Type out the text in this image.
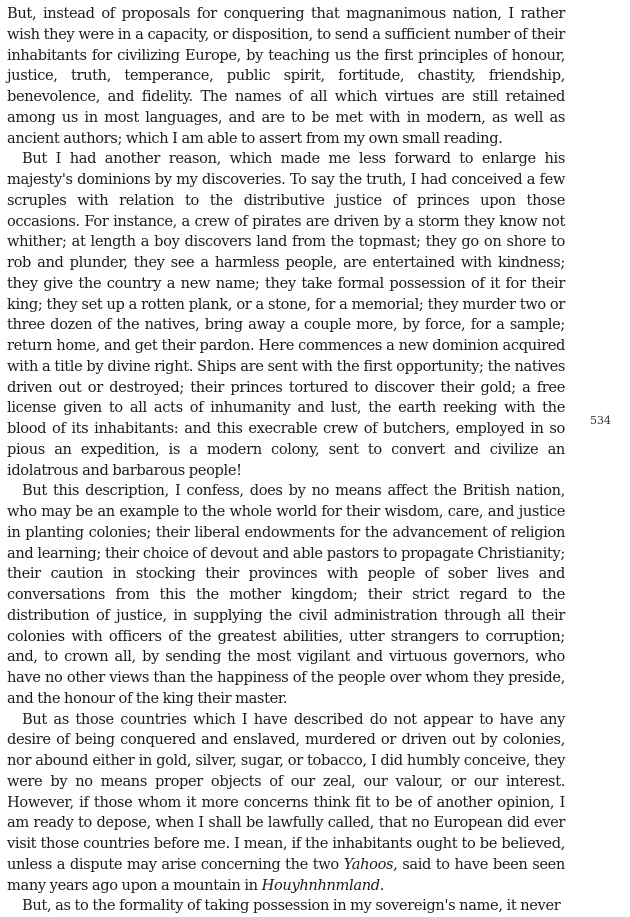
But, instead of proposals for conquering that magnanimous nation, I rather wish they were in a capacity, or disposition, to send a sufficient number of their inhabitants for civilizing Europe, by teaching us the first principles of honour, justice, truth, temperance, public spirit, fortitude, chastity, friendship, benevolence, and fidelity. The names of all which virtues are still retained among us in most languages, and are to be met with in modern, as well as ancient authors; which I am able to assert from my own small reading.

But I had another reason, which made me less forward to enlarge his majesty's dominions by my discoveries. To say the truth, I had conceived a few scruples with relation to the distributive justice of princes upon those occasions. For instance, a crew of pirates are driven by a storm they know not whither; at length a boy discovers land from the topmast; they go on shore to rob and plunder, they see a harmless people, are entertained with kindness; they give the country a new name; they take formal possession of it for their king; they set up a rotten plank, or a stone, for a memorial; they murder two or three dozen of the natives, bring away a couple more, by force, for a sample; return home, and get their pardon. Here commences a new dominion acquired with a title by divine right. Ships are sent with the first opportunity; the natives driven out or destroyed; their princes tortured to discover their gold; a free license given to all acts of inhumanity and lust, the earth reeking with the blood of its inhabitants: and this execrable crew of butchers, employed in so pious an expedition, is a modern colony, sent to convert and civilize an idolatrous and barbarous people!

But this description, I confess, does by no means affect the British nation, who may be an example to the whole world for their wisdom, care, and justice in planting colonies; their liberal endowments for the advancement of religion and learning; their choice of devout and able pastors to propagate Christianity; their caution in stocking their provinces with people of sober lives and conversations from this the mother kingdom; their strict regard to the distribution of justice, in supplying the civil administration through all their colonies with officers of the greatest abilities, utter strangers to corruption; and, to crown all, by sending the most vigilant and virtuous governors, who have no other views than the happiness of the people over whom they preside, and the honour of the king their master.

But as those countries which I have described do not appear to have any desire of being conquered and enslaved, murdered or driven out by colonies, nor abound either in gold, silver, sugar, or tobacco, I did humbly conceive, they were by no means proper objects of our zeal, our valour, or our interest. However, if those whom it more concerns think fit to be of another opinion, I am ready to depose, when I shall be lawfully called, that no European did ever visit those countries before me. I mean, if the inhabitants ought to be believed, unless a dispute may arise concerning the two Yahoos, said to have been seen many years ago upon a mountain in Houyhnhnmland.

But, as to the formality of taking possession in my sovereign's name, it never

534
